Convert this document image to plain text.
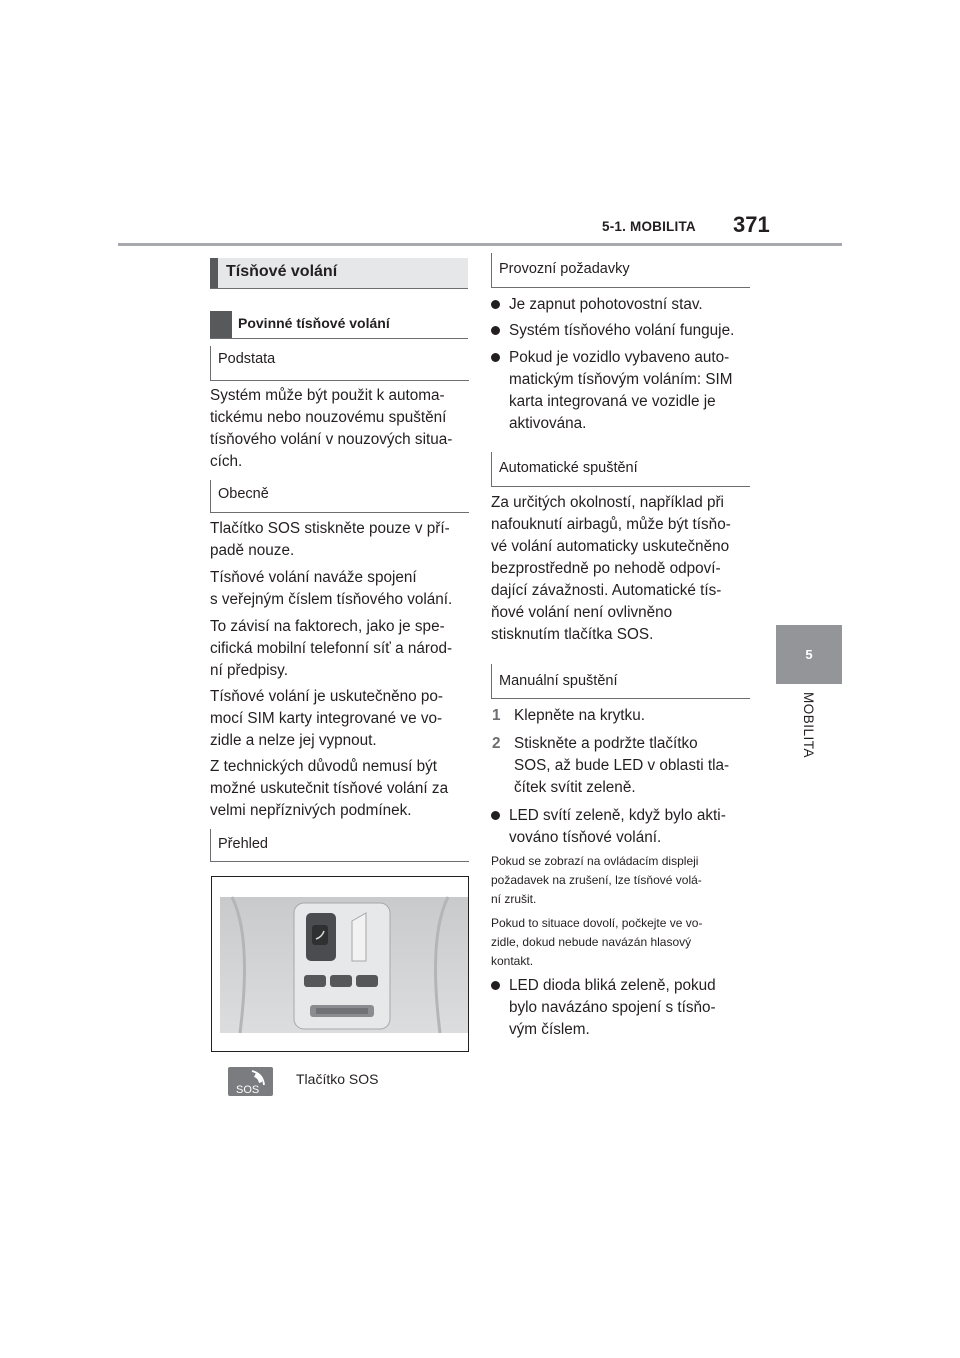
5-1. MOBILITA 371
5
MOBILITA
Tísňové volání
Povinné tísňové volání
Podstata
Systém může být použit k automa-
tickému nebo nouzovému spuštění
tísňového volání v nouzových situa-
cích.
Obecně
Tlačítko SOS stiskněte pouze v pří-
padě nouze.
Tísňové volání naváže spojení
s veřejným číslem tísňového volání.
To závisí na faktorech, jako je spe-
cifická mobilní telefonní síť a národ-
ní předpisy.
Tísňové volání je uskutečněno po-
mocí SIM karty integrované ve vo-
zidle a nelze jej vypnout.
Z technických důvodů nemusí být
možné uskutečnit tísňové volání za
velmi nepříznivých podmínek.
Přehled
SOS
Tlačítko SOS
Provozní požadavky
Je zapnut pohotovostní stav.
Systém tísňového volání funguje.
Pokud je vozidlo vybaveno auto-
matickým tísňovým voláním: SIM
karta integrovaná ve vozidle je
aktivována.
Automatické spuštění
Za určitých okolností, například při
nafouknutí airbagů, může být tísňo-
vé volání automaticky uskutečněno
bezprostředně po nehodě odpoví-
dající závažnosti. Automatické tís-
ňové volání není ovlivněno
stisknutím tlačítka SOS.
Manuální spuštění
1 Klepněte na krytku.
2 Stiskněte a podržte tlačítko
SOS, až bude LED v oblasti tla-
čítek svítit zeleně.
LED svítí zeleně, když bylo akti-
vováno tísňové volání.
Pokud se zobrazí na ovládacím displeji
požadavek na zrušení, lze tísňové volá-
ní zrušit.
Pokud to situace dovolí, počkejte ve vo-
zidle, dokud nebude navázán hlasový
kontakt.
LED dioda bliká zeleně, pokud
bylo navázáno spojení s tísňo-
vým číslem.
